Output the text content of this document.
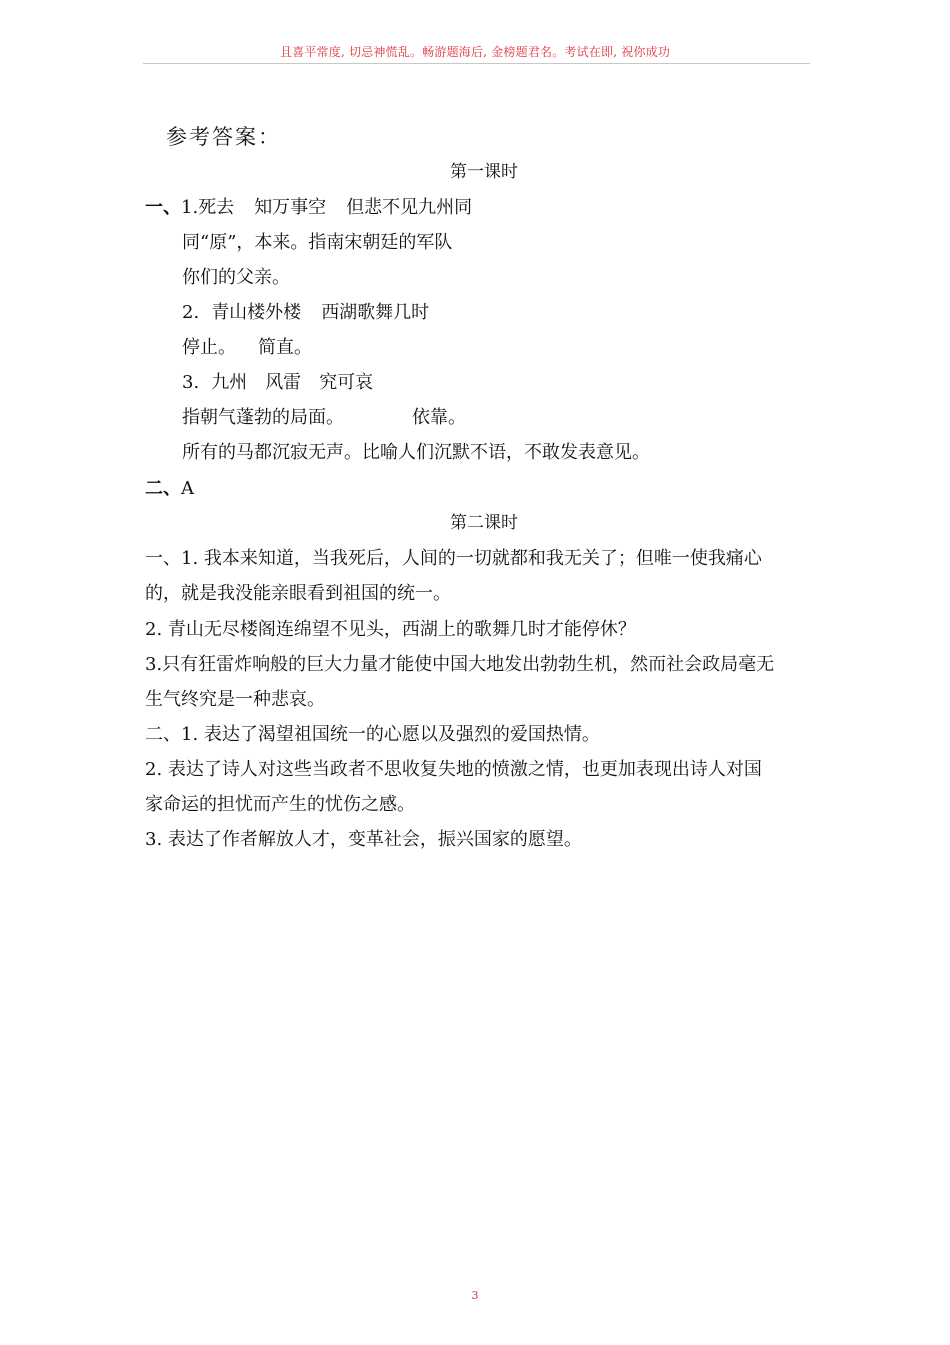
且喜平常度, 切忌神慌乱。畅游题海后, 金榜题君名。考试在即, 祝你成功
参考答案：
第一课时
一、1.死去 知万事空 但悲不见九州同
同“原”，本来。指南宋朝廷的军队
你们的父亲。
2. 青山楼外楼 西湖歌舞几时
停止。 简直。
3. 九州 风雷 究可哀
指朝气蓬勃的局面。	依靠。
所有的马都沉寂无声。比喻人们沉默不语，不敢发表意见。
二、A
第二课时
一、1. 我本来知道，当我死后，人间的一切就都和我无关了；但唯一使我痛心
的，就是我没能亲眼看到祖国的统一。
2. 青山无尽楼阁连绵望不见头，西湖上的歌舞几时才能停休？
3.只有狂雷炸响般的巨大力量才能使中国大地发出勃勃生机，然而社会政局毫无
生气终究是一种悲哀。
二、1. 表达了渴望祖国统一的心愿以及强烈的爱国热情。
2. 表达了诗人对这些当政者不思收复失地的愤激之情，也更加表现出诗人对国
家命运的担忧而产生的忧伤之感。
3. 表达了作者解放人才，变革社会，振兴国家的愿望。
3
